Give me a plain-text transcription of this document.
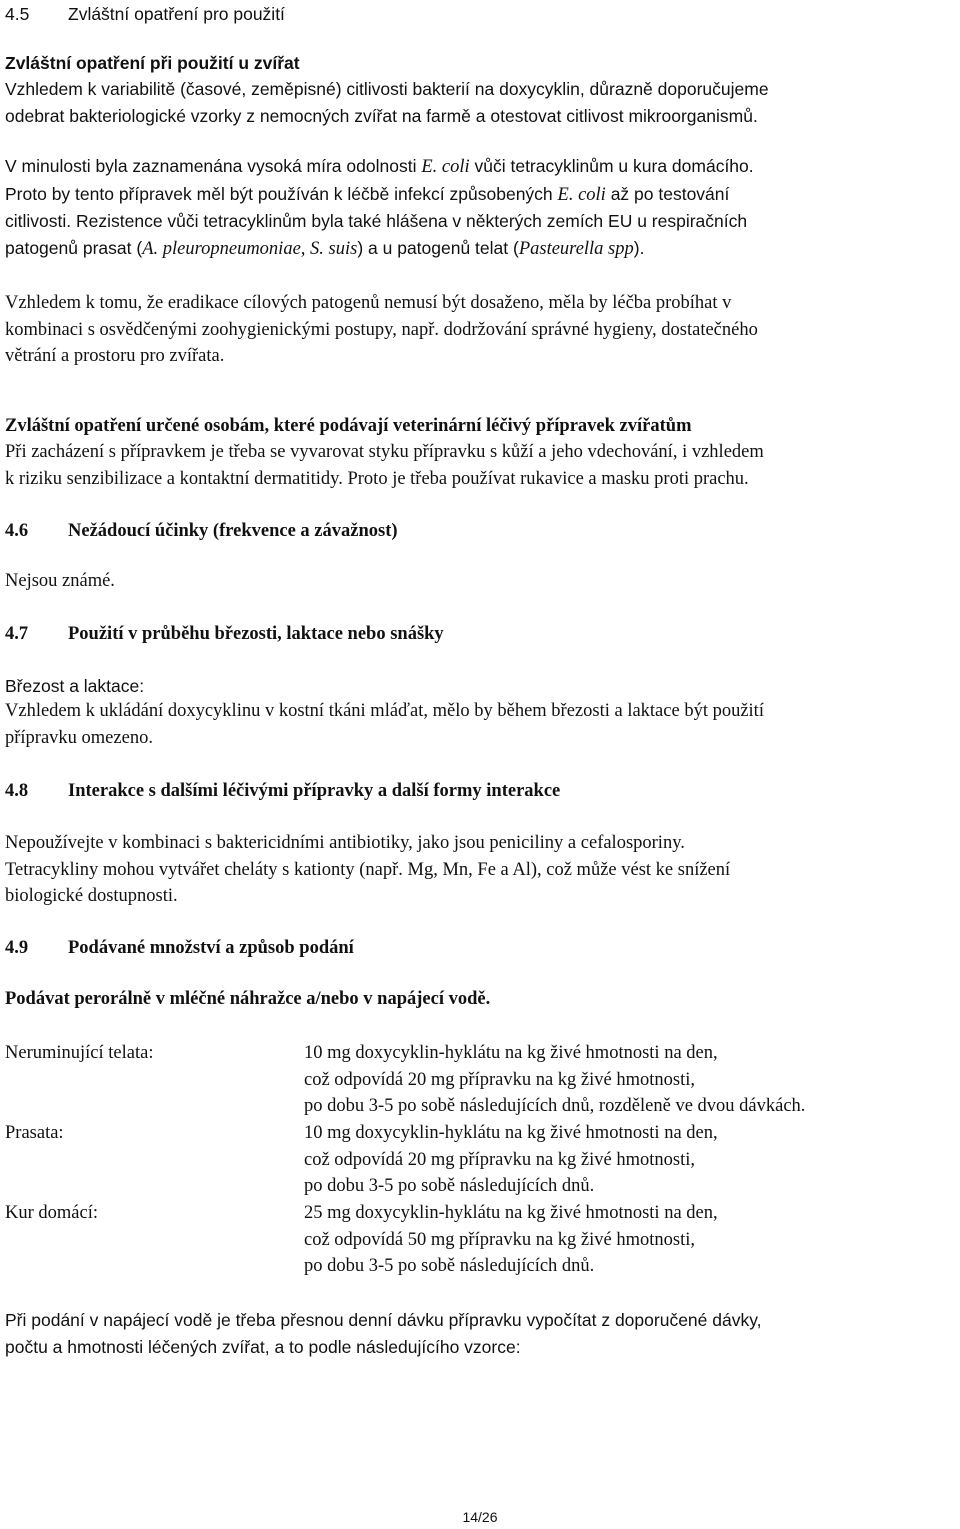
4.5 Zvláštní opatření pro použití
Zvláštní opatření při použití u zvířat
Vzhledem k variabilitě (časové, zeměpisné) citlivosti bakterií na doxycyklin, důrazně doporučujeme
odebrat bakteriologické vzorky z nemocných zvířat na farmě a otestovat citlivost mikroorganismů.
V minulosti byla zaznamenána vysoká míra odolnosti E. coli vůči tetracyklinům u kura domácího.
Proto by tento přípravek měl být používán k léčbě infekcí způsobených E. coli až po testování
citlivosti. Rezistence vůči tetracyklinům byla také hlášena v některých zemích EU u respiračních
patogenů prasat (A. pleuropneumoniae, S. suis) a u patogenů telat (Pasteurella spp).
Vzhledem k tomu, že eradikace cílových patogenů nemusí být dosaženo, měla by léčba probíhat v
kombinaci s osvědčenými zoohygienickými postupy, např. dodržování správné hygieny, dostatečného
větrání a prostoru pro zvířata.
Zvláštní opatření určené osobám, které podávají veterinární léčivý přípravek zvířatům
Při zacházení s přípravkem je třeba se vyvarovat styku přípravku s kůží a jeho vdechování, i vzhledem
k riziku senzibilizace a kontaktní dermatitidy. Proto je třeba používat rukavice a masku proti prachu.
4.6 Nežádoucí účinky (frekvence a závažnost)
Nejsou známé.
4.7 Použití v průběhu březosti, laktace nebo snášky
Březost a laktace:
Vzhledem k ukládání doxycyklinu v kostní tkáni mláďat, mělo by během březosti a laktace být použití
přípravku omezeno.
4.8 Interakce s dalšími léčivými přípravky a další formy interakce
Nepoužívejte v kombinaci s baktericidními antibiotiky, jako jsou peniciliny a cefalosporiny.
Tetracykliny mohou vytvářet cheláty s kationty (např. Mg, Mn, Fe a Al), což může vést ke snížení
biologické dostupnosti.
4.9 Podávané množství a způsob podání
Podávat perorálně v mléčné náhražce a/nebo v napájecí vodě.
Neruminující telata:	10 mg doxycyklin-hyklátu na kg živé hmotnosti na den,
což odpovídá 20 mg přípravku na kg živé hmotnosti,
po dobu 3-5 po sobě následujících dnů, rozděleně ve dvou dávkách.
Prasata:	10 mg doxycyklin-hyklátu na kg živé hmotnosti na den,
což odpovídá 20 mg přípravku na kg živé hmotnosti,
po dobu 3-5 po sobě následujících dnů.
Kur domácí:	25 mg doxycyklin-hyklátu na kg živé hmotnosti na den,
což odpovídá 50 mg přípravku na kg živé hmotnosti,
po dobu 3-5 po sobě následujících dnů.
Při podání v napájecí vodě je třeba přesnou denní dávku přípravku vypočítat z doporučené dávky,
počtu a hmotnosti léčených zvířat, a to podle následujícího vzorce:
14/26
